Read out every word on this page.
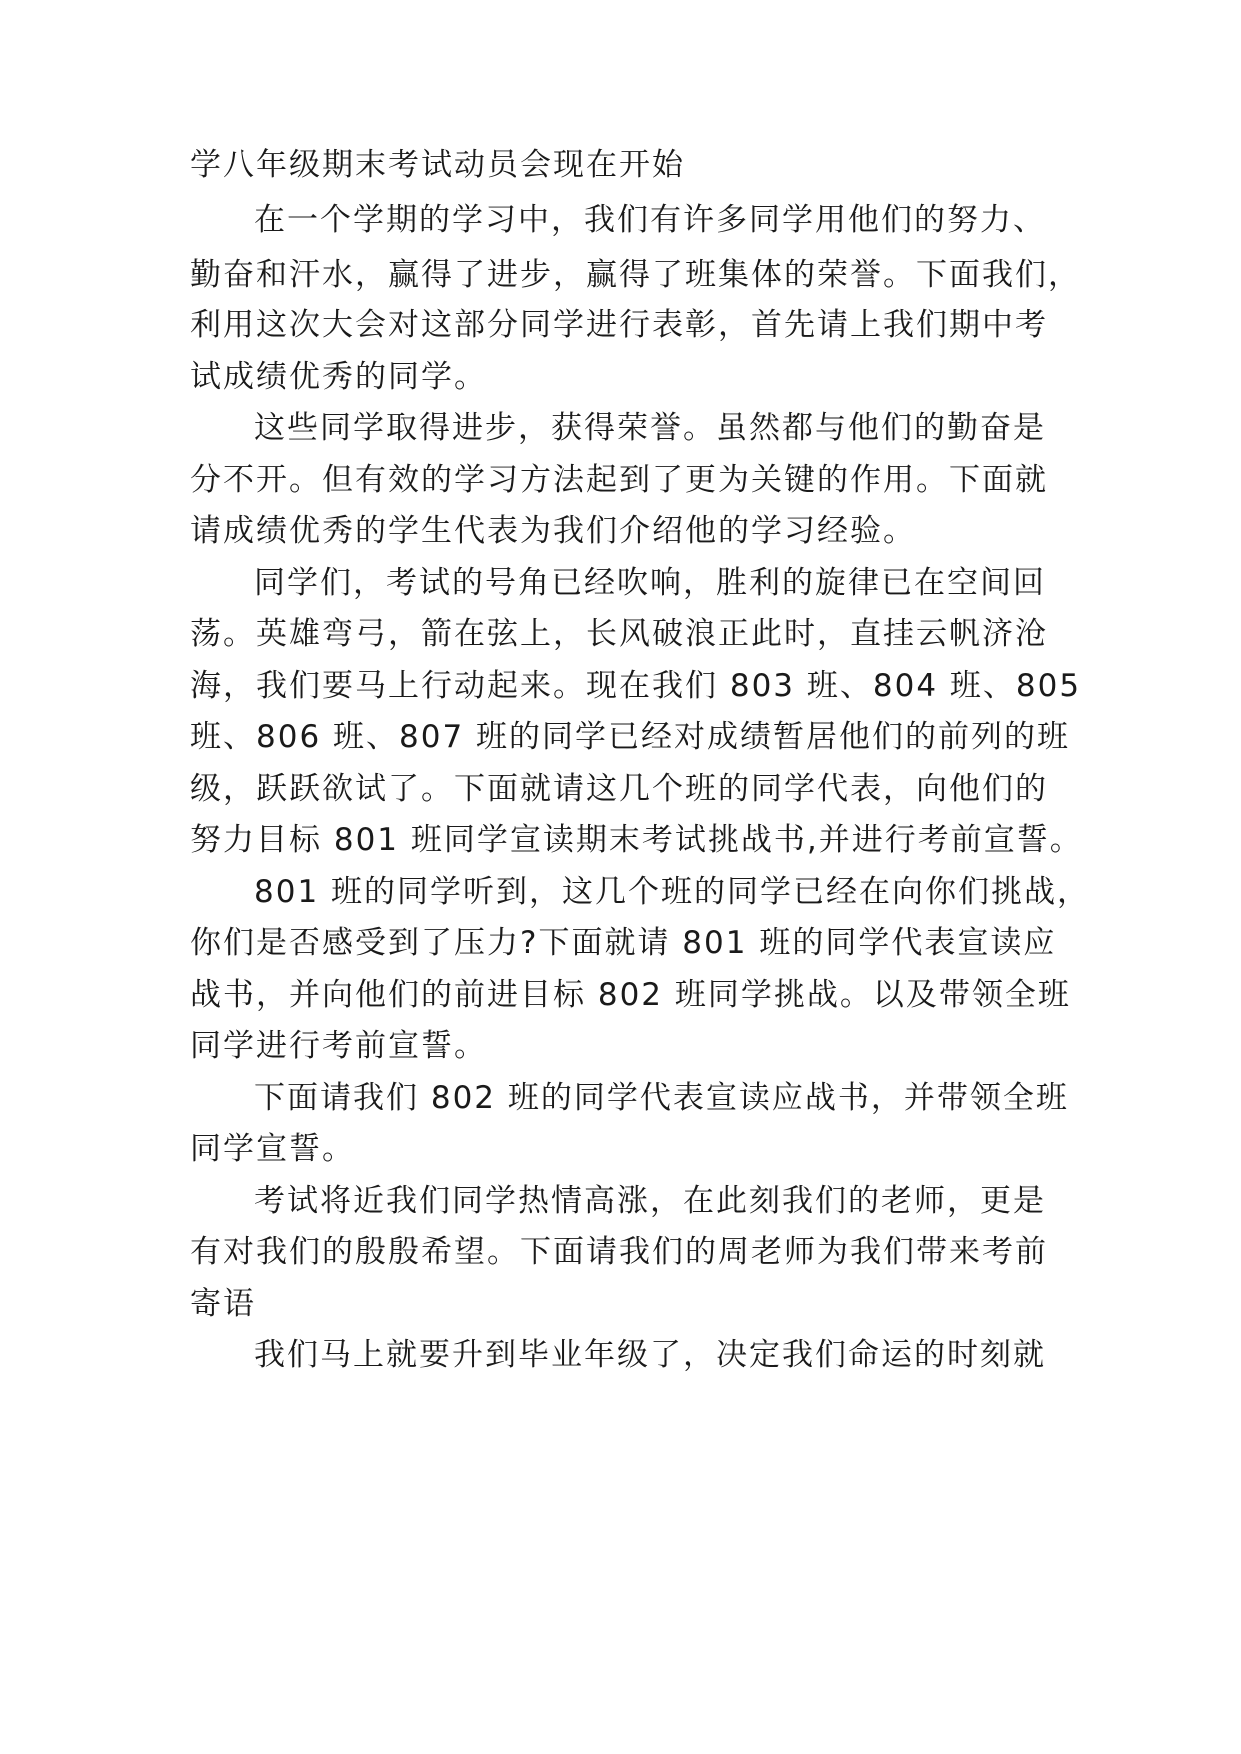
学八年级期末考试动员会现在开始
在一个学期的学习中，我们有许多同学用他们的努力、
勤奋和汗水，赢得了进步，赢得了班集体的荣誉。下面我们，
利用这次大会对这部分同学进行表彰，首先请上我们期中考
试成绩优秀的同学。
这些同学取得进步，获得荣誉。虽然都与他们的勤奋是
分不开。但有效的学习方法起到了更为关键的作用。下面就
请成绩优秀的学生代表为我们介绍他的学习经验。
同学们，考试的号角已经吹响，胜利的旋律已在空间回
荡。英雄弯弓，箭在弦上，长风破浪正此时，直挂云帆济沧
海，我们要马上行动起来。现在我们 803 班、804 班、805
班、806 班、807 班的同学已经对成绩暂居他们的前列的班
级，跃跃欲试了。下面就请这几个班的同学代表，向他们的
努力目标 801 班同学宣读期末考试挑战书,并进行考前宣誓。
801 班的同学听到，这几个班的同学已经在向你们挑战，
你们是否感受到了压力?下面就请 801 班的同学代表宣读应
战书，并向他们的前进目标 802 班同学挑战。以及带领全班
同学进行考前宣誓。
下面请我们 802 班的同学代表宣读应战书，并带领全班
同学宣誓。
考试将近我们同学热情高涨，在此刻我们的老师，更是
有对我们的殷殷希望。下面请我们的周老师为我们带来考前
寄语
我们马上就要升到毕业年级了，决定我们命运的时刻就
